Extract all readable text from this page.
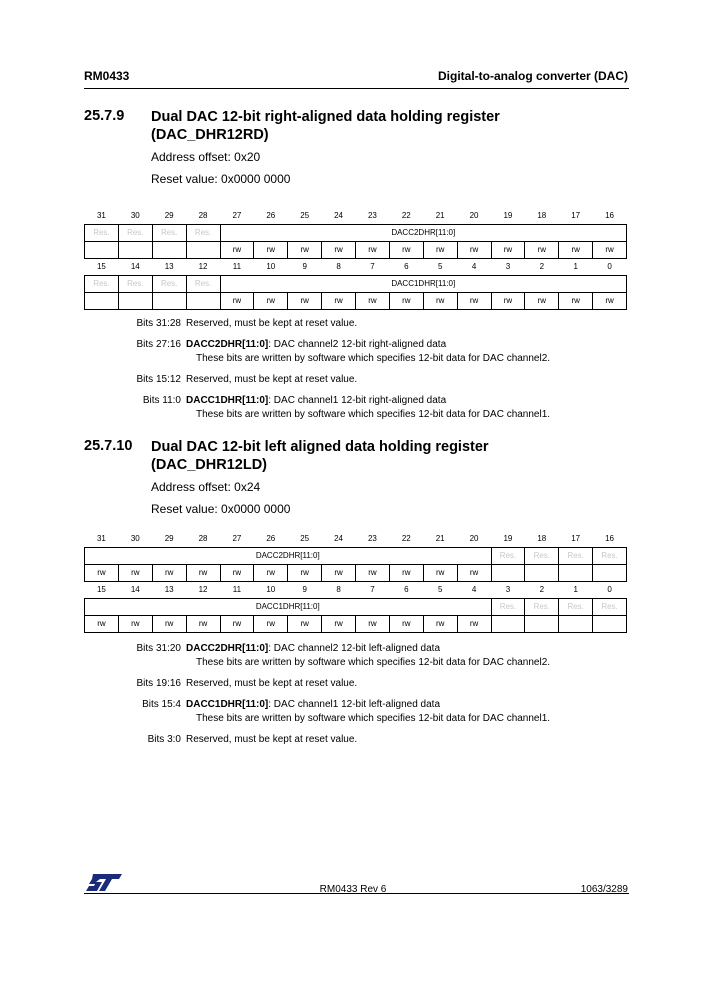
RM0433	Digital-to-analog converter (DAC)
25.7.9 Dual DAC 12-bit right-aligned data holding register
(DAC_DHR12RD)
Address offset: 0x20
Reset value: 0x0000 0000
31	30	29	28	27	26	25	24	23	22	21	20	19	18	17	16
Res.	Res.	Res.	Res.	DACC2DHR[11:0]											
				rw	rw	rw	rw	rw	rw	rw	rw	rw	rw	rw	rw
15	14	13	12	11	10	9	8	7	6	5	4	3	2	1	0
Res.	Res.	Res.	Res.	DACC1DHR[11:0]											
				rw	rw	rw	rw	rw	rw	rw	rw	rw	rw	rw	rw
Bits 31:28 Reserved, must be kept at reset value.
Bits 27:16 DACC2DHR[11:0]: DAC channel2 12-bit right-aligned data
These bits are written by software which specifies 12-bit data for DAC channel2.
Bits 15:12 Reserved, must be kept at reset value.
Bits 11:0 DACC1DHR[11:0]: DAC channel1 12-bit right-aligned data
These bits are written by software which specifies 12-bit data for DAC channel1.
25.7.10 Dual DAC 12-bit left aligned data holding register
(DAC_DHR12LD)
Address offset: 0x24
Reset value: 0x0000 0000
31	30	29	28	27	26	25	24	23	22	21	20	19	18	17	16
DACC2DHR[11:0]												Res.	Res.	Res.	Res.
rw	rw	rw	rw	rw	rw	rw	rw	rw	rw	rw	rw				
15	14	13	12	11	10	9	8	7	6	5	4	3	2	1	0
DACC1DHR[11:0]												Res.	Res.	Res.	Res.
rw	rw	rw	rw	rw	rw	rw	rw	rw	rw	rw	rw				
Bits 31:20 DACC2DHR[11:0]: DAC channel2 12-bit left-aligned data
These bits are written by software which specifies 12-bit data for DAC channel2.
Bits 19:16 Reserved, must be kept at reset value.
Bits 15:4 DACC1DHR[11:0]: DAC channel1 12-bit left-aligned data
These bits are written by software which specifies 12-bit data for DAC channel1.
Bits 3:0 Reserved, must be kept at reset value.
RM0433 Rev 6	1063/3289
